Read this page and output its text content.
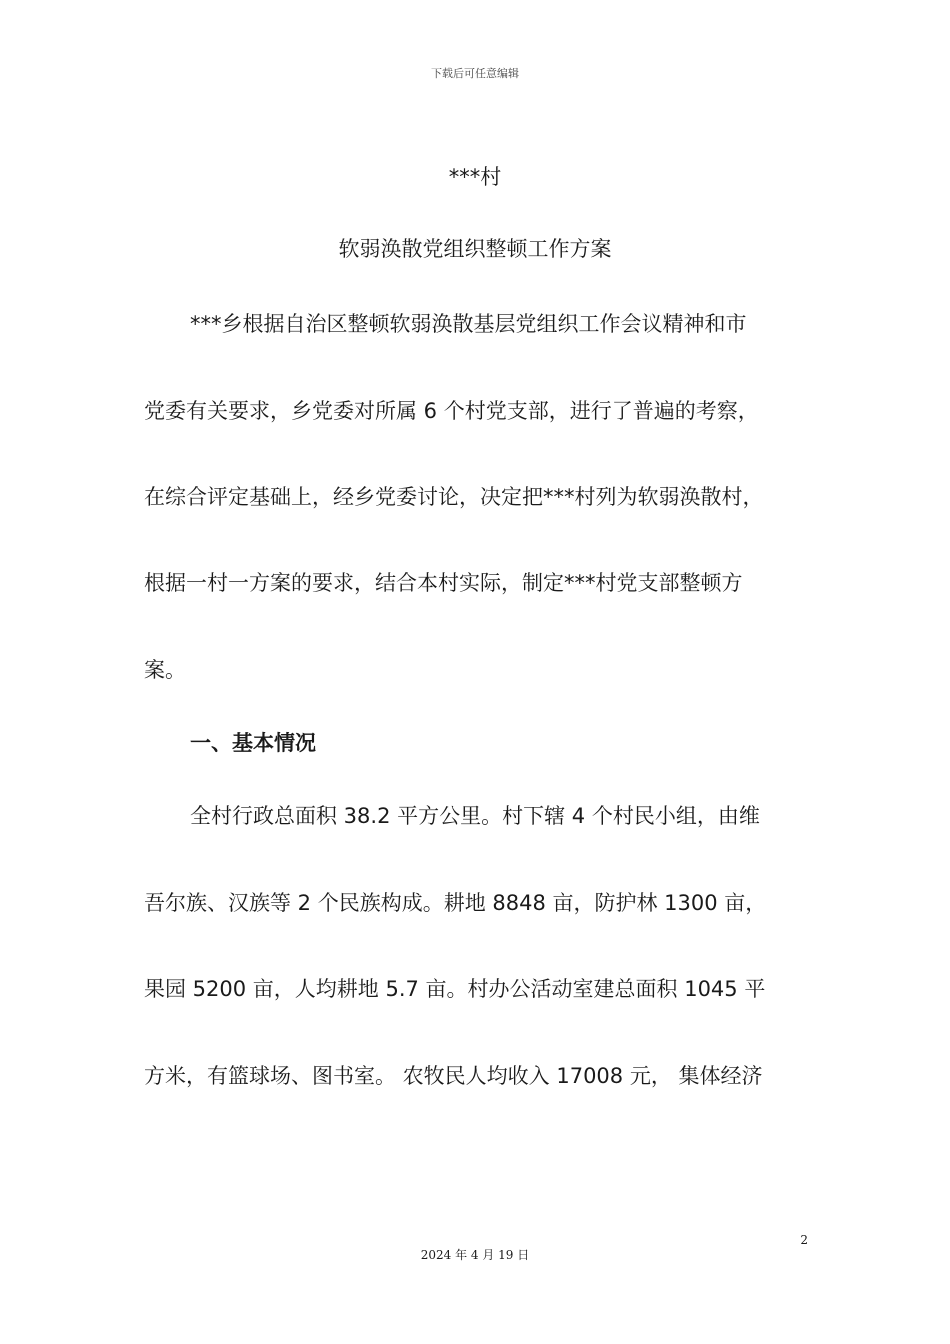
下载后可任意编辑
***村
软弱涣散党组织整顿工作方案
***乡根据自治区整顿软弱涣散基层党组织工作会议精神和市
党委有关要求，乡党委对所属 6 个村党支部，进行了普遍的考察，
在综合评定基础上，经乡党委讨论，决定把***村列为软弱涣散村，
根据一村一方案的要求，结合本村实际，制定***村党支部整顿方
案。
一、基本情况
全村行政总面积 38.2 平方公里。村下辖 4 个村民小组，由维
吾尔族、汉族等 2 个民族构成。耕地 8848 亩，防护林 1300 亩，
果园 5200 亩，人均耕地 5.7 亩。村办公活动室建总面积 1045 平
方米，有篮球场、图书室。 农牧民人均收入 17008 元， 集体经济
2
2024 年 4 月 19 日
